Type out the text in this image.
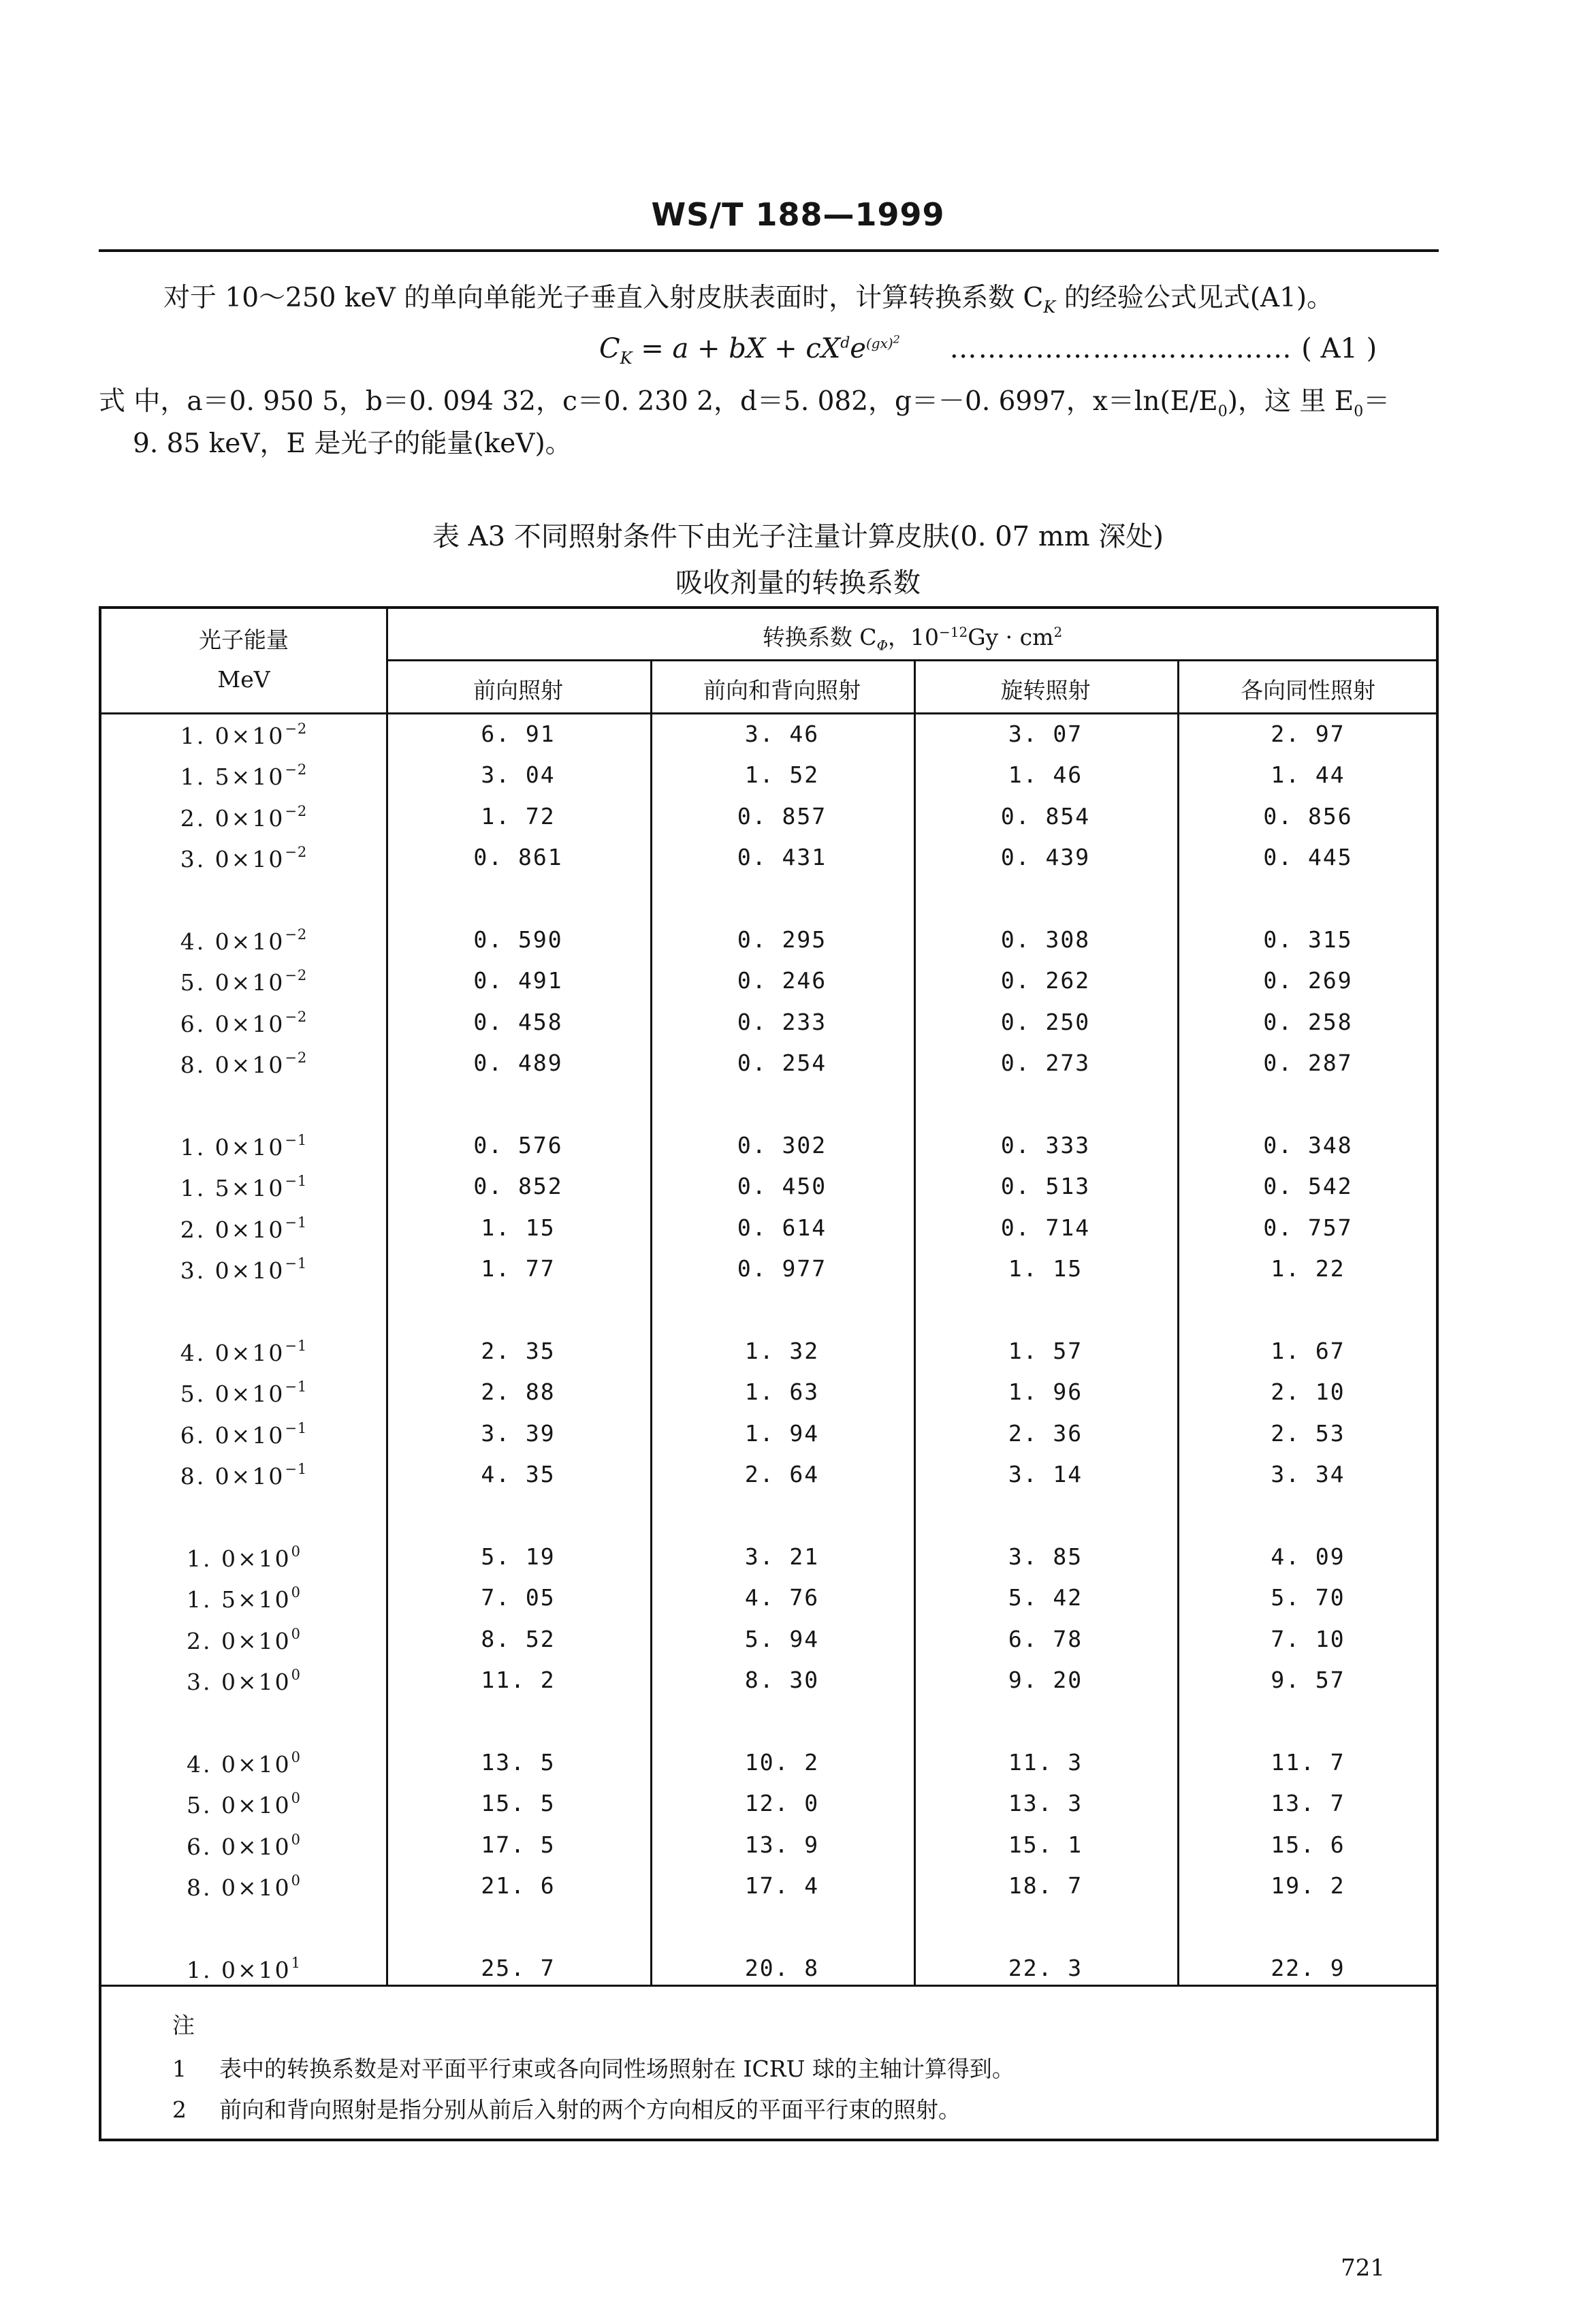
WS/T 188—1999
对于 10～250 keV 的单向单能光子垂直入射皮肤表面时，计算转换系数 $C_K$ 的经验公式见式(A1)。
$C_K = a$ + bX + $cX^de^{(gx)^2}$ ……………………………… ( A1 )
式 中，a＝0. 950 5，b＝0. 094 32，c＝0. 230 2，d＝5. 082，g＝－0. 6997，$x=\ln(E/E_0)$，这 里 $E_0=$
9. 85 keV，E 是光子的能量(keV)。
表 A3 不同照射条件下由光子注量计算皮肤(0. 07 mm 深处)
吸收剂量的转换系数
光子能量
MeV
转换系数 $C_\Phi$，$10^{-12}Gy \cdot cm^2$
前向照射	前向和背向照射	旋转照射	各向同性照射
1. $0\times 10^{-2}$	6. 91	3. 46	3. 07	2. 97
1. $5\times 10^{-2}$	3. 04	1. 52	1. 46	1. 44
2. $0\times 10^{-2}$	1. 72	0. 857	0. 854	0. 856
3. $0\times 10^{-2}$	0. 861	0. 431	0. 439	0. 445
4. $0\times 10^{-2}$	0. 590	0. 295	0. 308	0. 315
5. $0\times 10^{-2}$	0. 491	0. 246	0. 262	0. 269
6. $0\times 10^{-2}$	0. 458	0. 233	0. 250	0. 258
8. $0\times 10^{-2}$	0. 489	0. 254	0. 273	0. 287
1. $0\times 10^{-1}$	0. 576	0. 302	0. 333	0. 348
1. $5\times 10^{-1}$	0. 852	0. 450	0. 513	0. 542
2. $0\times 10^{-1}$	1. 15	0. 614	0. 714	0. 757
3. $0\times 10^{-1}$	1. 77	0. 977	1. 15	1. 22
4. $0\times 10^{-1}$	2. 35	1. 32	1. 57	1. 67
5. $0\times 10^{-1}$	2. 88	1. 63	1. 96	2. 10
6. $0\times 10^{-1}$	3. 39	1. 94	2. 36	2. 53
8. $0\times 10^{-1}$	4. 35	2. 64	3. 14	3. 34
1. $0\times 10^0$	5. 19	3. 21	3. 85	4. 09
1. $5\times 10^0$	7. 05	4. 76	5. 42	5. 70
2. $0\times 10^0$	8. 52	5. 94	6. 78	7. 10
3. $0\times 10^0$	11. 2	8. 30	9. 20	9. 57
4. $0\times 10^0$	13. 5	10. 2	11. 3	11. 7
5. $0\times 10^0$	15. 5	12. 0	13. 3	13. 7
6. $0\times 10^0$	17. 5	13. 9	15. 1	15. 6
8. $0\times 10^0$	21. 6	17. 4	18. 7	19. 2
1. $0\times 10^1$	25. 7	20. 8	22. 3	22. 9
注
1 表中的转换系数是对平面平行束或各向同性场照射在 ICRU 球的主轴计算得到。
2 前向和背向照射是指分别从前后入射的两个方向相反的平面平行束的照射。
721
